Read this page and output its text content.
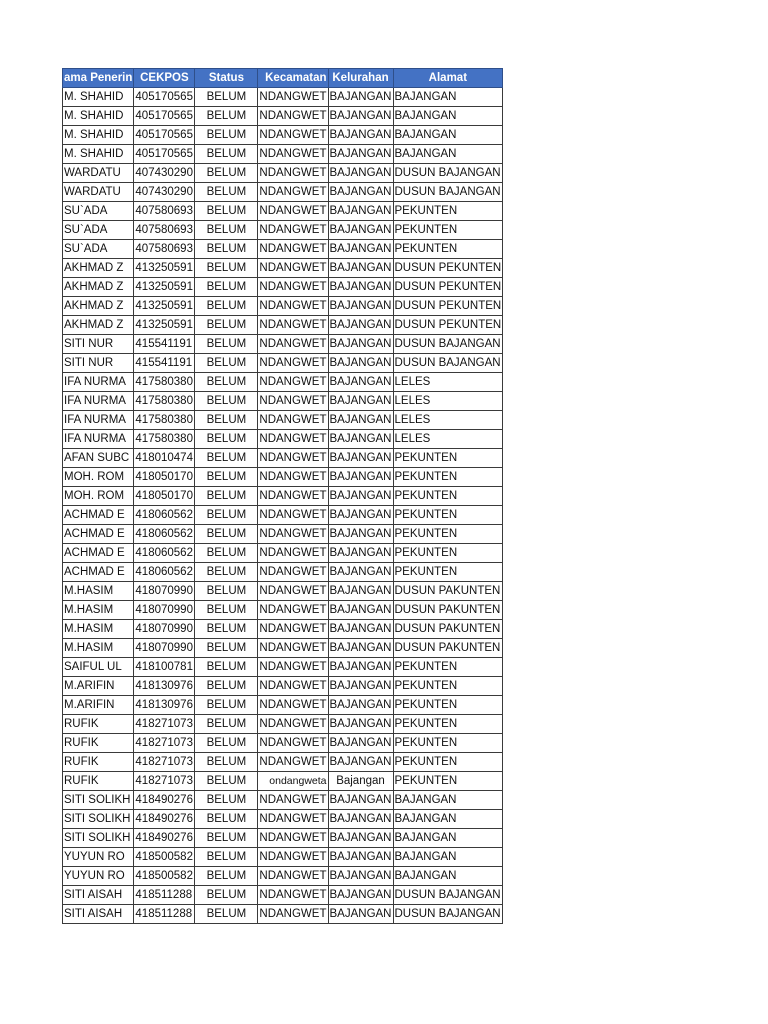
ama Penerin	CEKPOS	Status	Kecamatan	Kelurahan	Alamat
M. SHAHID	405170565	BELUM	NDANGWET	BAJANGAN	BAJANGAN
M. SHAHID	405170565	BELUM	NDANGWET	BAJANGAN	BAJANGAN
M. SHAHID	405170565	BELUM	NDANGWET	BAJANGAN	BAJANGAN
M. SHAHID	405170565	BELUM	NDANGWET	BAJANGAN	BAJANGAN
WARDATU	407430290	BELUM	NDANGWET	BAJANGAN	DUSUN BAJANGAN
WARDATU	407430290	BELUM	NDANGWET	BAJANGAN	DUSUN BAJANGAN
SU`ADA	407580693	BELUM	NDANGWET	BAJANGAN	PEKUNTEN
SU`ADA	407580693	BELUM	NDANGWET	BAJANGAN	PEKUNTEN
SU`ADA	407580693	BELUM	NDANGWET	BAJANGAN	PEKUNTEN
AKHMAD Z	413250591	BELUM	NDANGWET	BAJANGAN	DUSUN PEKUNTEN
AKHMAD Z	413250591	BELUM	NDANGWET	BAJANGAN	DUSUN PEKUNTEN
AKHMAD Z	413250591	BELUM	NDANGWET	BAJANGAN	DUSUN PEKUNTEN
AKHMAD Z	413250591	BELUM	NDANGWET	BAJANGAN	DUSUN PEKUNTEN
SITI NUR	415541191	BELUM	NDANGWET	BAJANGAN	DUSUN BAJANGAN
SITI NUR	415541191	BELUM	NDANGWET	BAJANGAN	DUSUN BAJANGAN
IFA NURMA	417580380	BELUM	NDANGWET	BAJANGAN	LELES
IFA NURMA	417580380	BELUM	NDANGWET	BAJANGAN	LELES
IFA NURMA	417580380	BELUM	NDANGWET	BAJANGAN	LELES
IFA NURMA	417580380	BELUM	NDANGWET	BAJANGAN	LELES
AFAN SUBC	418010474	BELUM	NDANGWET	BAJANGAN	PEKUNTEN
MOH. ROM	418050170	BELUM	NDANGWET	BAJANGAN	PEKUNTEN
MOH. ROM	418050170	BELUM	NDANGWET	BAJANGAN	PEKUNTEN
ACHMAD E	418060562	BELUM	NDANGWET	BAJANGAN	PEKUNTEN
ACHMAD E	418060562	BELUM	NDANGWET	BAJANGAN	PEKUNTEN
ACHMAD E	418060562	BELUM	NDANGWET	BAJANGAN	PEKUNTEN
ACHMAD E	418060562	BELUM	NDANGWET	BAJANGAN	PEKUNTEN
M.HASIM	418070990	BELUM	NDANGWET	BAJANGAN	DUSUN PAKUNTEN
M.HASIM	418070990	BELUM	NDANGWET	BAJANGAN	DUSUN PAKUNTEN
M.HASIM	418070990	BELUM	NDANGWET	BAJANGAN	DUSUN PAKUNTEN
M.HASIM	418070990	BELUM	NDANGWET	BAJANGAN	DUSUN PAKUNTEN
SAIFUL UL	418100781	BELUM	NDANGWET	BAJANGAN	PEKUNTEN
M.ARIFIN	418130976	BELUM	NDANGWET	BAJANGAN	PEKUNTEN
M.ARIFIN	418130976	BELUM	NDANGWET	BAJANGAN	PEKUNTEN
RUFIK	418271073	BELUM	NDANGWET	BAJANGAN	PEKUNTEN
RUFIK	418271073	BELUM	NDANGWET	BAJANGAN	PEKUNTEN
RUFIK	418271073	BELUM	NDANGWET	BAJANGAN	PEKUNTEN
RUFIK	418271073	BELUM	ondangweta	Bajangan	PEKUNTEN
SITI SOLIKH	418490276	BELUM	NDANGWET	BAJANGAN	BAJANGAN
SITI SOLIKH	418490276	BELUM	NDANGWET	BAJANGAN	BAJANGAN
SITI SOLIKH	418490276	BELUM	NDANGWET	BAJANGAN	BAJANGAN
YUYUN RO	418500582	BELUM	NDANGWET	BAJANGAN	BAJANGAN
YUYUN RO	418500582	BELUM	NDANGWET	BAJANGAN	BAJANGAN
SITI AISAH	418511288	BELUM	NDANGWET	BAJANGAN	DUSUN BAJANGAN
SITI AISAH	418511288	BELUM	NDANGWET	BAJANGAN	DUSUN BAJANGAN
